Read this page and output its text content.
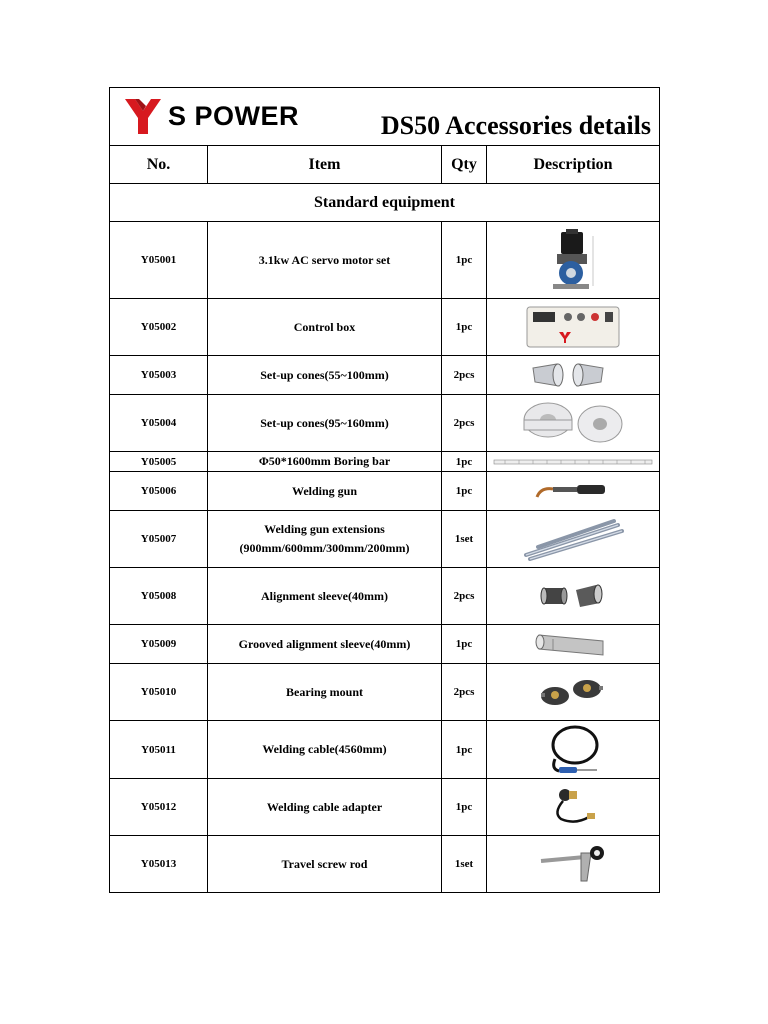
S POWER DS50 Accessories details			

No.	Item	Qty	Description
Standard equipment			
Y05001	3.1kw AC servo motor set	1pc	

Y05002	Control box	1pc	

Y05003	Set-up cones(55~100mm)	2pcs	

Y05004	Set-up cones(95~160mm)	2pcs	

Y05005	Φ50*1600mm Boring bar	1pc	

Y05006	Welding gun	1pc	

Y05007	Welding gun extensions
(900mm/600mm/300mm/200mm)	1set	

Y05008	Alignment sleeve(40mm)	2pcs	

Y05009	Grooved alignment sleeve(40mm)	1pc	

Y05010	Bearing mount	2pcs	

Y05011	Welding cable(4560mm)	1pc	

Y05012	Welding cable adapter	1pc	

Y05013	Travel screw rod	1set	
